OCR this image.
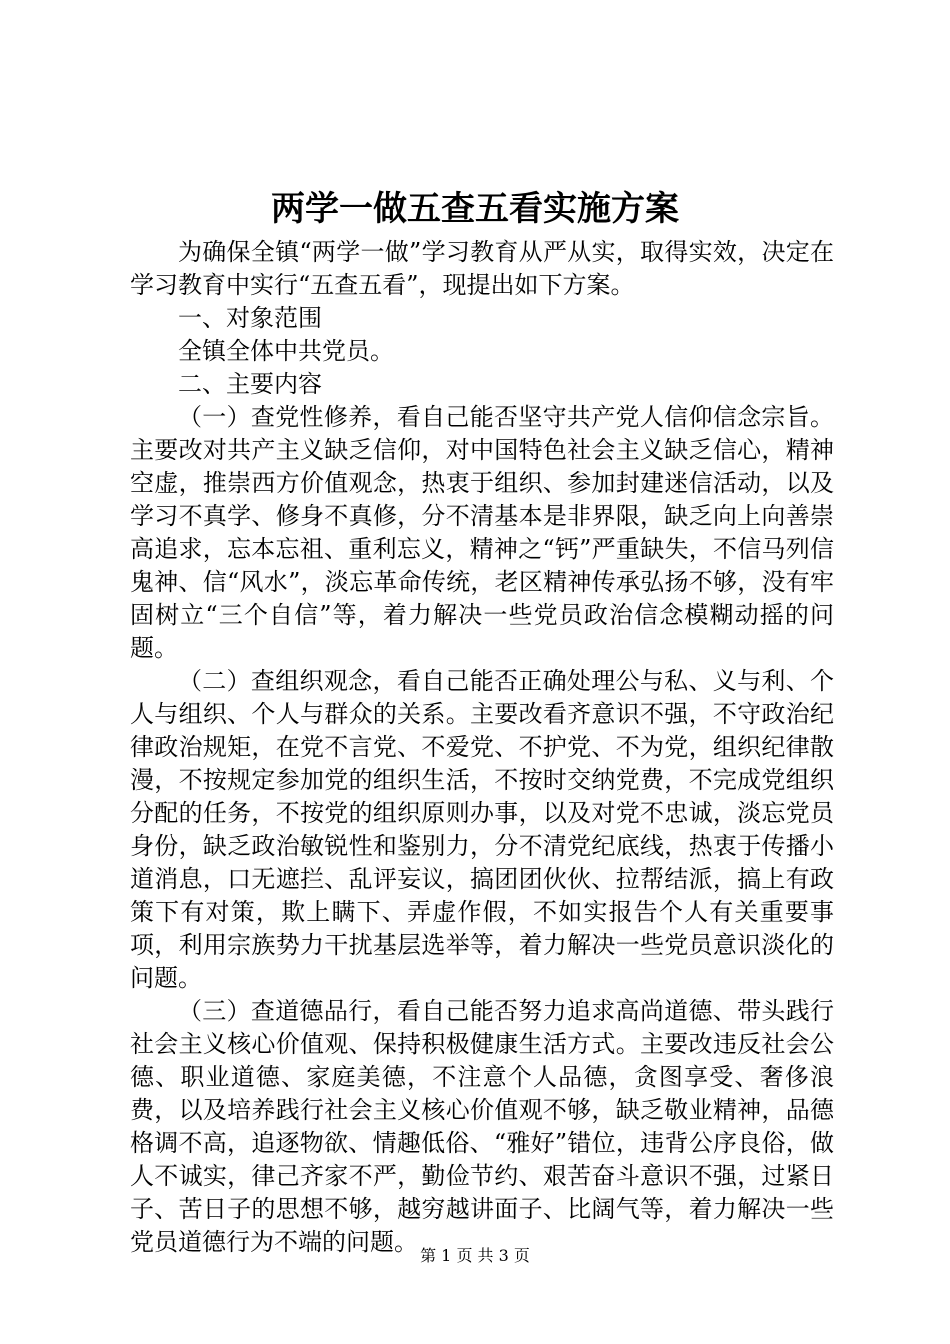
两学一做五查五看实施方案

为确保全镇“两学一做”学习教育从严从实，取得实效，决定在学习教育中实行“五查五看”，现提出如下方案。

一、对象范围

全镇全体中共党员。

二、主要内容

（一）查党性修养，看自己能否坚守共产党人信仰信念宗旨。主要改对共产主义缺乏信仰，对中国特色社会主义缺乏信心，精神空虚，推崇西方价值观念，热衷于组织、参加封建迷信活动，以及学习不真学、修身不真修，分不清基本是非界限，缺乏向上向善崇高追求，忘本忘祖、重利忘义，精神之“钙”严重缺失，不信马列信鬼神、信“风水”，淡忘革命传统，老区精神传承弘扬不够，没有牢固树立“三个自信”等，着力解决一些党员政治信念模糊动摇的问题。

（二）查组织观念，看自己能否正确处理公与私、义与利、个人与组织、个人与群众的关系。主要改看齐意识不强，不守政治纪律政治规矩，在党不言党、不爱党、不护党、不为党，组织纪律散漫，不按规定参加党的组织生活，不按时交纳党费，不完成党组织分配的任务，不按党的组织原则办事，以及对党不忠诚，淡忘党员身份，缺乏政治敏锐性和鉴别力，分不清党纪底线，热衷于传播小道消息，口无遮拦、乱评妄议，搞团团伙伙、拉帮结派，搞上有政策下有对策，欺上瞒下、弄虚作假，不如实报告个人有关重要事项，利用宗族势力干扰基层选举等，着力解决一些党员意识淡化的问题。

（三）查道德品行，看自己能否努力追求高尚道德、带头践行社会主义核心价值观、保持积极健康生活方式。主要改违反社会公德、职业道德、家庭美德，不注意个人品德，贪图享受、奢侈浪费，以及培养践行社会主义核心价值观不够，缺乏敬业精神，品德格调不高，追逐物欲、情趣低俗、“雅好”错位，违背公序良俗，做人不诚实，律己齐家不严，勤俭节约、艰苦奋斗意识不强，过紧日子、苦日子的思想不够，越穷越讲面子、比阔气等，着力解决一些党员道德行为不端的问题。 第 1 页 共 3 页
